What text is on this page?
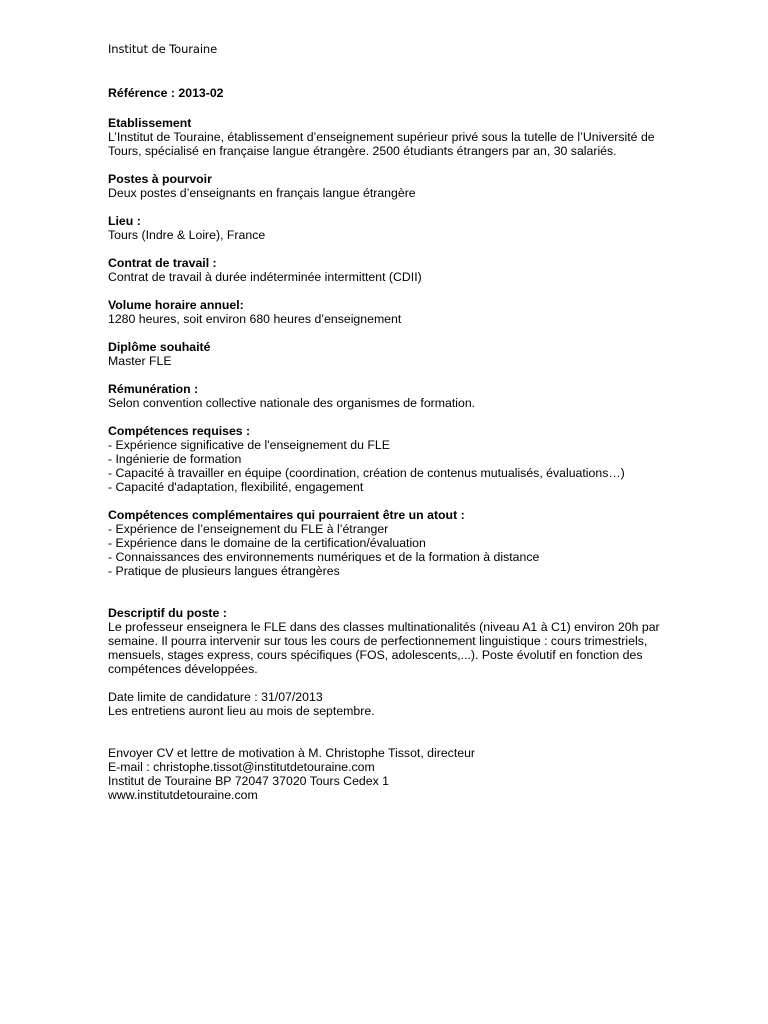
Institut de Touraine
Référence : 2013-02
Etablissement
L’Institut de Touraine, établissement d’enseignement supérieur privé sous la tutelle de l’Université de
Tours, spécialisé en française langue étrangère. 2500 étudiants étrangers par an, 30 salariés.
Postes à pourvoir
Deux postes d’enseignants en français langue étrangère
Lieu :
Tours (Indre & Loire), France
Contrat de travail :
Contrat de travail à durée indéterminée intermittent (CDII)
Volume horaire annuel:
1280 heures, soit environ 680 heures d’enseignement
Diplôme souhaité
Master FLE
Rémunération :
Selon convention collective nationale des organismes de formation.
Compétences requises :
- Expérience significative de l'enseignement du FLE
- Ingénierie de formation
- Capacité à travailler en équipe (coordination, création de contenus mutualisés, évaluations…)
- Capacité d'adaptation, flexibilité, engagement
Compétences complémentaires qui pourraient être un atout :
- Expérience de l’enseignement du FLE à l’étranger
- Expérience dans le domaine de la certification/évaluation
- Connaissances des environnements numériques et de la formation à distance
- Pratique de plusieurs langues étrangères
Descriptif du poste :
Le professeur enseignera le FLE dans des classes multinationalités (niveau A1 à C1) environ 20h par
semaine. Il pourra intervenir sur tous les cours de perfectionnement linguistique : cours trimestriels,
mensuels, stages express, cours spécifiques (FOS, adolescents,...). Poste évolutif en fonction des
compétences développées.
Date limite de candidature : 31/07/2013
Les entretiens auront lieu au mois de septembre.
Envoyer CV et lettre de motivation à M. Christophe Tissot, directeur
E-mail : christophe.tissot@institutdetouraine.com
Institut de Touraine BP 72047 37020 Tours Cedex 1
www.institutdetouraine.com
